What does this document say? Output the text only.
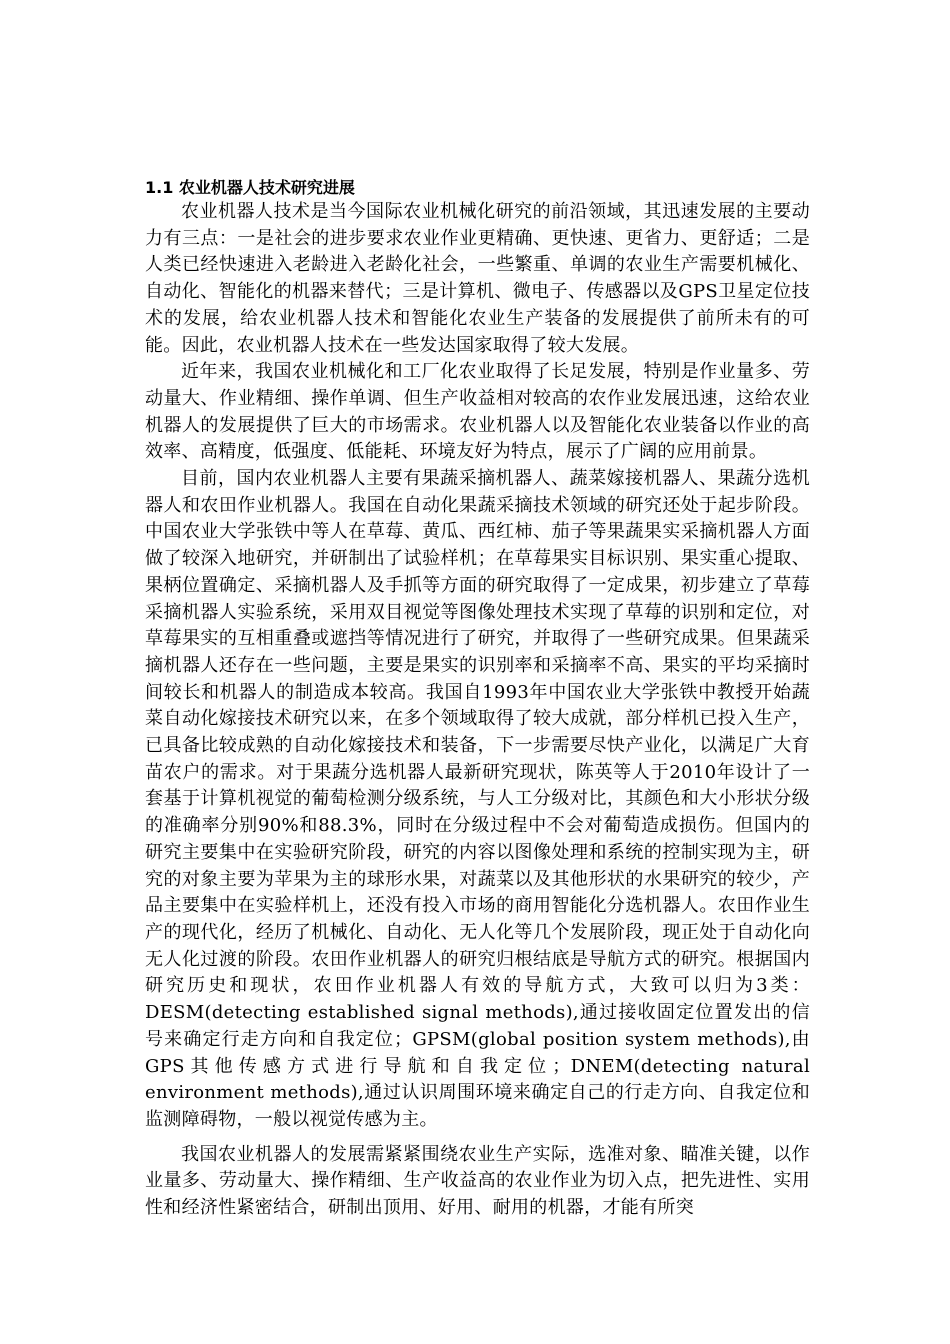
1.1 农业机器人技术研究进展

农业机器人技术是当今国际农业机械化研究的前沿领域，其迅速发展的主要动力有三点：一是社会的进步要求农业作业更精确、更快速、更省力、更舒适；二是人类已经快速进入老龄进入老龄化社会，一些繁重、单调的农业生产需要机械化、自动化、智能化的机器来替代；三是计算机、微电子、传感器以及GPS卫星定位技术的发展，给农业机器人技术和智能化农业生产装备的发展提供了前所未有的可能。因此，农业机器人技术在一些发达国家取得了较大发展。

近年来，我国农业机械化和工厂化农业取得了长足发展，特别是作业量多、劳动量大、作业精细、操作单调、但生产收益相对较高的农作业发展迅速，这给农业机器人的发展提供了巨大的市场需求。农业机器人以及智能化农业装备以作业的高效率、高精度，低强度、低能耗、环境友好为特点，展示了广阔的应用前景。

目前，国内农业机器人主要有果蔬采摘机器人、蔬菜嫁接机器人、果蔬分选机器人和农田作业机器人。我国在自动化果蔬采摘技术领域的研究还处于起步阶段。中国农业大学张铁中等人在草莓、黄瓜、西红柿、茄子等果蔬果实采摘机器人方面做了较深入地研究，并研制出了试验样机；在草莓果实目标识别、果实重心提取、果柄位置确定、采摘机器人及手抓等方面的研究取得了一定成果，初步建立了草莓采摘机器人实验系统，采用双目视觉等图像处理技术实现了草莓的识别和定位，对草莓果实的互相重叠或遮挡等情况进行了研究，并取得了一些研究成果。但果蔬采摘机器人还存在一些问题，主要是果实的识别率和采摘率不高、果实的平均采摘时间较长和机器人的制造成本较高。我国自1993年中国农业大学张铁中教授开始蔬菜自动化嫁接技术研究以来，在多个领域取得了较大成就，部分样机已投入生产，已具备比较成熟的自动化嫁接技术和装备，下一步需要尽快产业化，以满足广大育苗农户的需求。对于果蔬分选机器人最新研究现状，陈英等人于2010年设计了一套基于计算机视觉的葡萄检测分级系统，与人工分级对比，其颜色和大小形状分级的准确率分别90%和88.3%，同时在分级过程中不会对葡萄造成损伤。但国内的研究主要集中在实验研究阶段，研究的内容以图像处理和系统的控制实现为主，研究的对象主要为苹果为主的球形水果，对蔬菜以及其他形状的水果研究的较少，产品主要集中在实验样机上，还没有投入市场的商用智能化分选机器人。农田作业生产的现代化，经历了机械化、自动化、无人化等几个发展阶段，现正处于自动化向无人化过渡的阶段。农田作业机器人的研究归根结底是导航方式的研究。根据国内研究历史和现状，农田作业机器人有效的导航方式，大致可以归为3类：DESM(detecting established signal methods),通过接收固定位置发出的信号来确定行走方向和自我定位；GPSM(global position system methods),由GPS其他传感方式进行导航和自我定位；DNEM(detecting natural environment methods),通过认识周围环境来确定自己的行走方向、自我定位和监测障碍物，一般以视觉传感为主。

我国农业机器人的发展需紧紧围绕农业生产实际，选准对象、瞄准关键，以作业量多、劳动量大、操作精细、生产收益高的农业作业为切入点，把先进性、实用性和经济性紧密结合，研制出顶用、好用、耐用的机器，才能有所突
